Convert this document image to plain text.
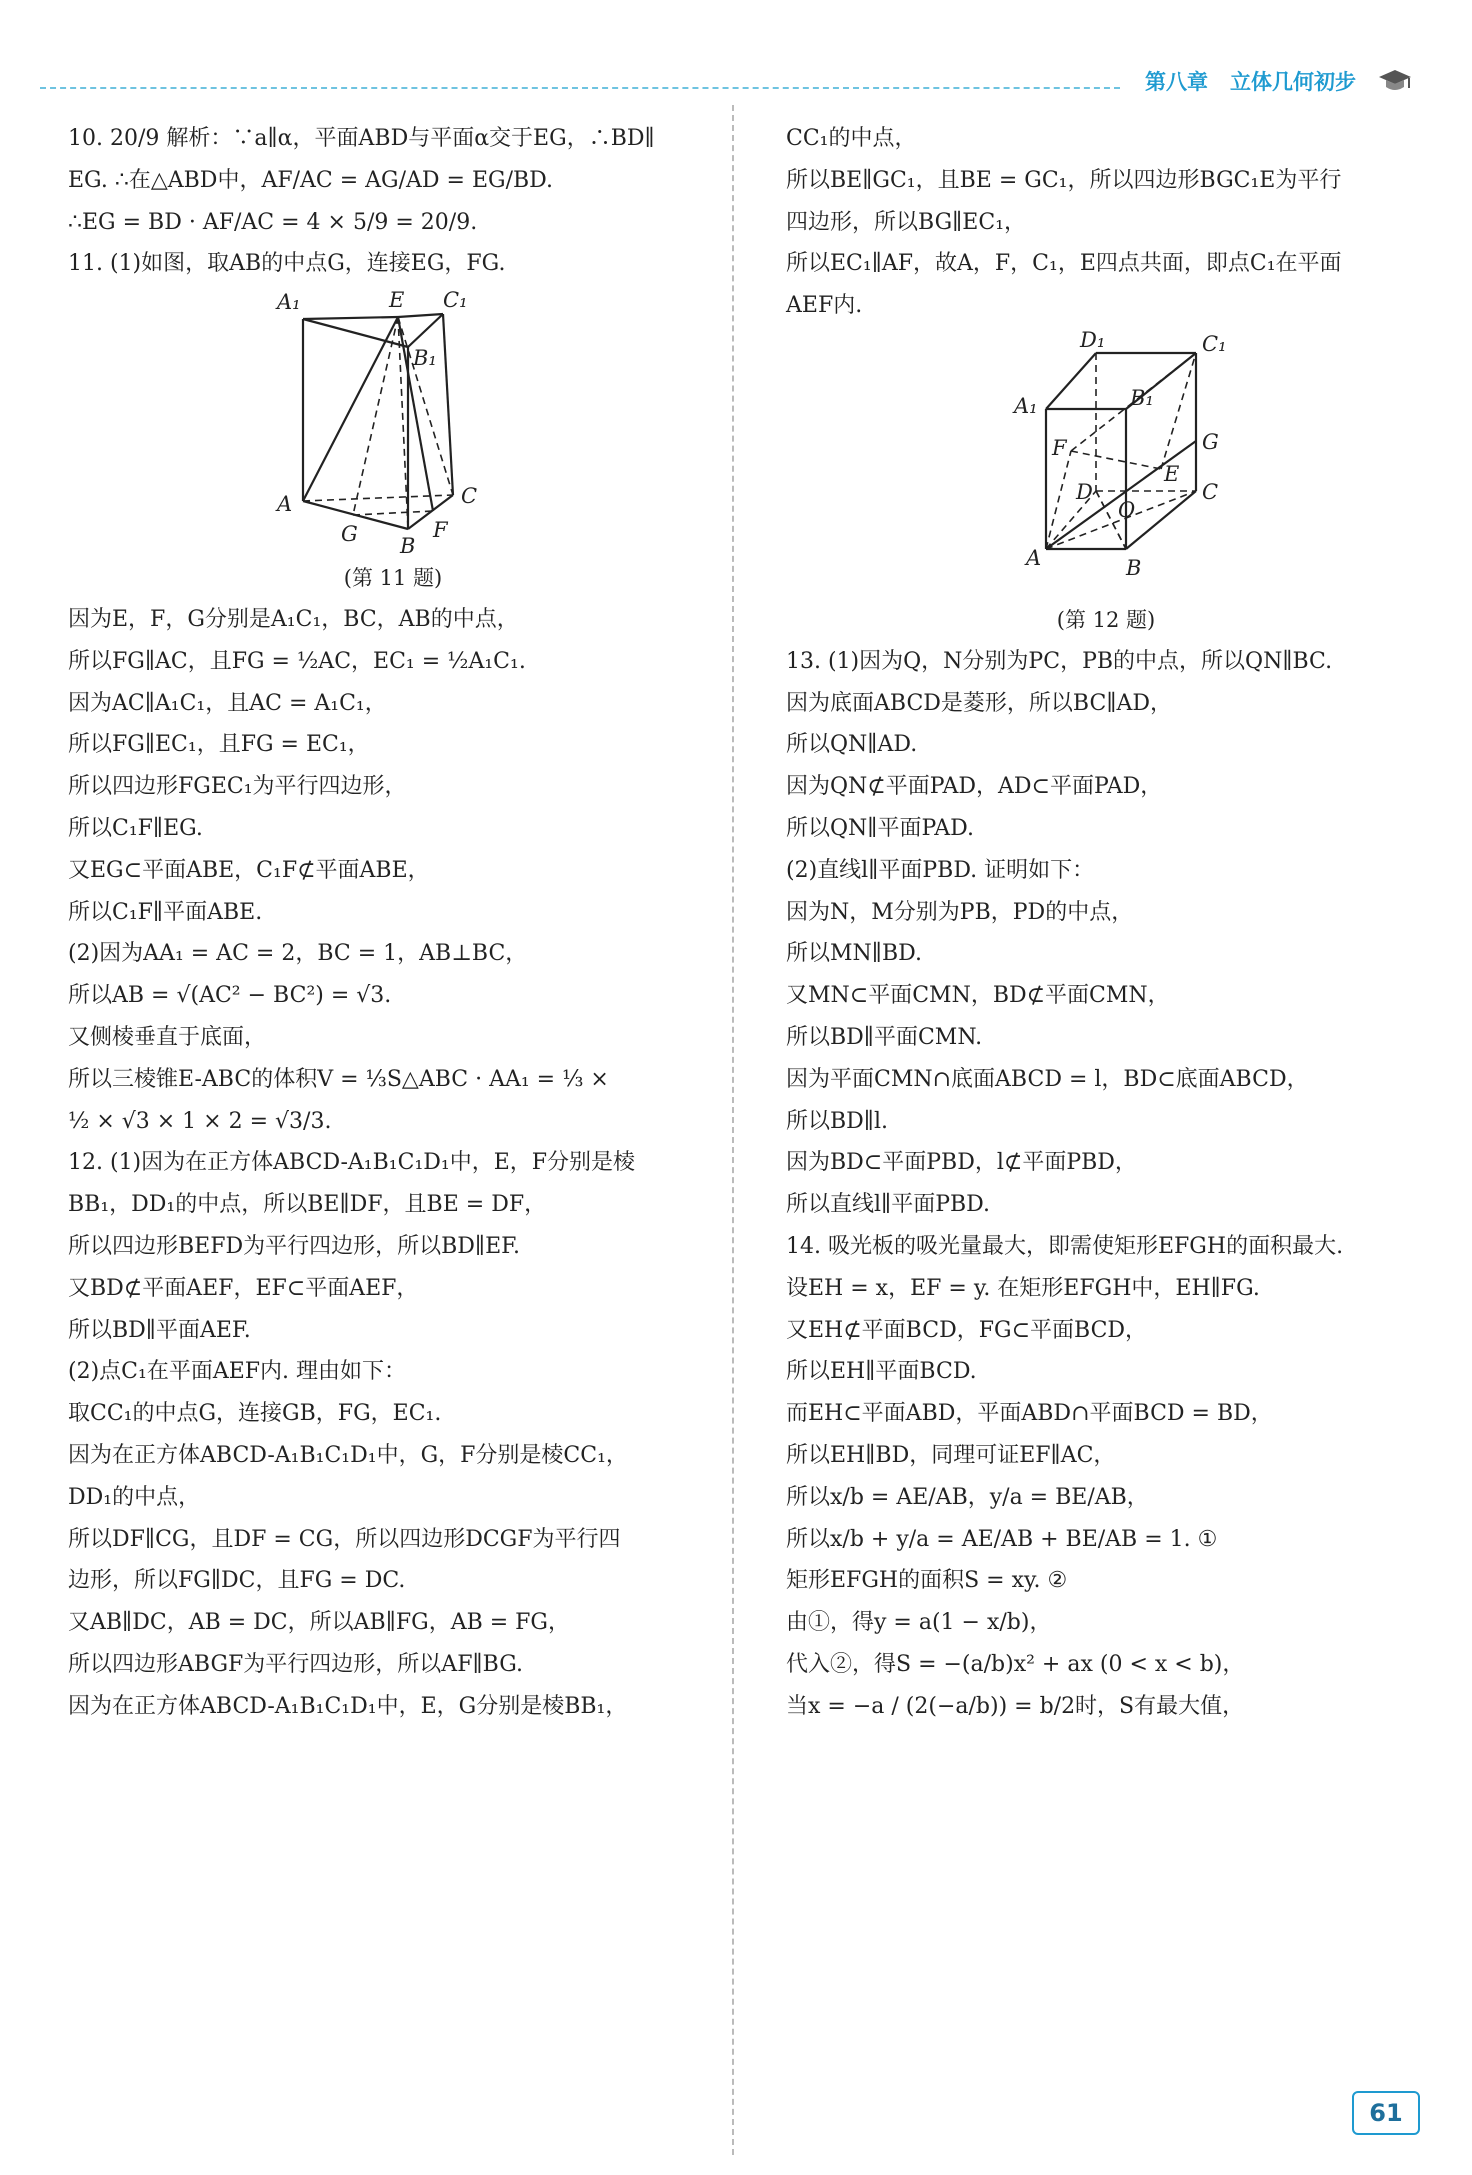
第八章 立体几何初步
10. 20/9 解析：∵a∥α，平面ABD与平面α交于EG，∴BD∥
EG. ∴在△ABD中，AF/AC = AG/AD = EG/BD.
∴EG = BD · AF/AC = 4 × 5/9 = 20/9.
11. (1)如图，取AB的中点G，连接EG，FG.
A₁	E C₁
B₁
A	C
G B
F
(第 11 题)
因为E，F，G分别是A₁C₁，BC，AB的中点，
所以FG∥AC，且FG = ½AC，EC₁ = ½A₁C₁.
因为AC∥A₁C₁，且AC = A₁C₁，
所以FG∥EC₁，且FG = EC₁，
所以四边形FGEC₁为平行四边形，
所以C₁F∥EG.
又EG⊂平面ABE，C₁F⊄平面ABE，
所以C₁F∥平面ABE.
(2)因为AA₁ = AC = 2，BC = 1，AB⊥BC，
所以AB = √(AC² − BC²) = √3.
又侧棱垂直于底面，
所以三棱锥E-ABC的体积V = ⅓S△ABC · AA₁ = ⅓ ×
½ × √3 × 1 × 2 = √3/3.
12. (1)因为在正方体ABCD-A₁B₁C₁D₁中，E，F分别是棱
BB₁，DD₁的中点，所以BE∥DF，且BE = DF，
所以四边形BEFD为平行四边形，所以BD∥EF.
又BD⊄平面AEF，EF⊂平面AEF，
所以BD∥平面AEF.
(2)点C₁在平面AEF内. 理由如下：
取CC₁的中点G，连接GB，FG，EC₁.
因为在正方体ABCD-A₁B₁C₁D₁中，G，F分别是棱CC₁，
DD₁的中点，
所以DF∥CG，且DF = CG，所以四边形DCGF为平行四
边形，所以FG∥DC，且FG = DC.
又AB∥DC，AB = DC，所以AB∥FG，AB = FG，
所以四边形ABGF为平行四边形，所以AF∥BG.
因为在正方体ABCD-A₁B₁C₁D₁中，E，G分别是棱BB₁，
CC₁的中点，
所以BE∥GC₁，且BE = GC₁，所以四边形BGC₁E为平行
四边形，所以BG∥EC₁，
所以EC₁∥AF，故A，F，C₁，E四点共面，即点C₁在平面
AEF内.
D₁	C₁
B₁
A₁
F	G
E
D
O
C
A	B
(第 12 题)
13. (1)因为Q，N分别为PC，PB的中点，所以QN∥BC.
因为底面ABCD是菱形，所以BC∥AD，
所以QN∥AD.
因为QN⊄平面PAD，AD⊂平面PAD，
所以QN∥平面PAD.
(2)直线l∥平面PBD. 证明如下：
因为N，M分别为PB，PD的中点，
所以MN∥BD.
又MN⊂平面CMN，BD⊄平面CMN，
所以BD∥平面CMN.
因为平面CMN∩底面ABCD = l，BD⊂底面ABCD，
所以BD∥l.
因为BD⊂平面PBD，l⊄平面PBD，
所以直线l∥平面PBD.
14. 吸光板的吸光量最大，即需使矩形EFGH的面积最大.
设EH = x，EF = y. 在矩形EFGH中，EH∥FG.
又EH⊄平面BCD，FG⊂平面BCD，
所以EH∥平面BCD.
而EH⊂平面ABD，平面ABD∩平面BCD = BD，
所以EH∥BD，同理可证EF∥AC，
所以x/b = AE/AB，y/a = BE/AB，
所以x/b + y/a = AE/AB + BE/AB = 1. ①
矩形EFGH的面积S = xy. ②
由①，得y = a(1 − x/b)，
代入②，得S = −(a/b)x² + ax (0 < x < b)，
当x = −a / (2(−a/b)) = b/2时，S有最大值，
61
